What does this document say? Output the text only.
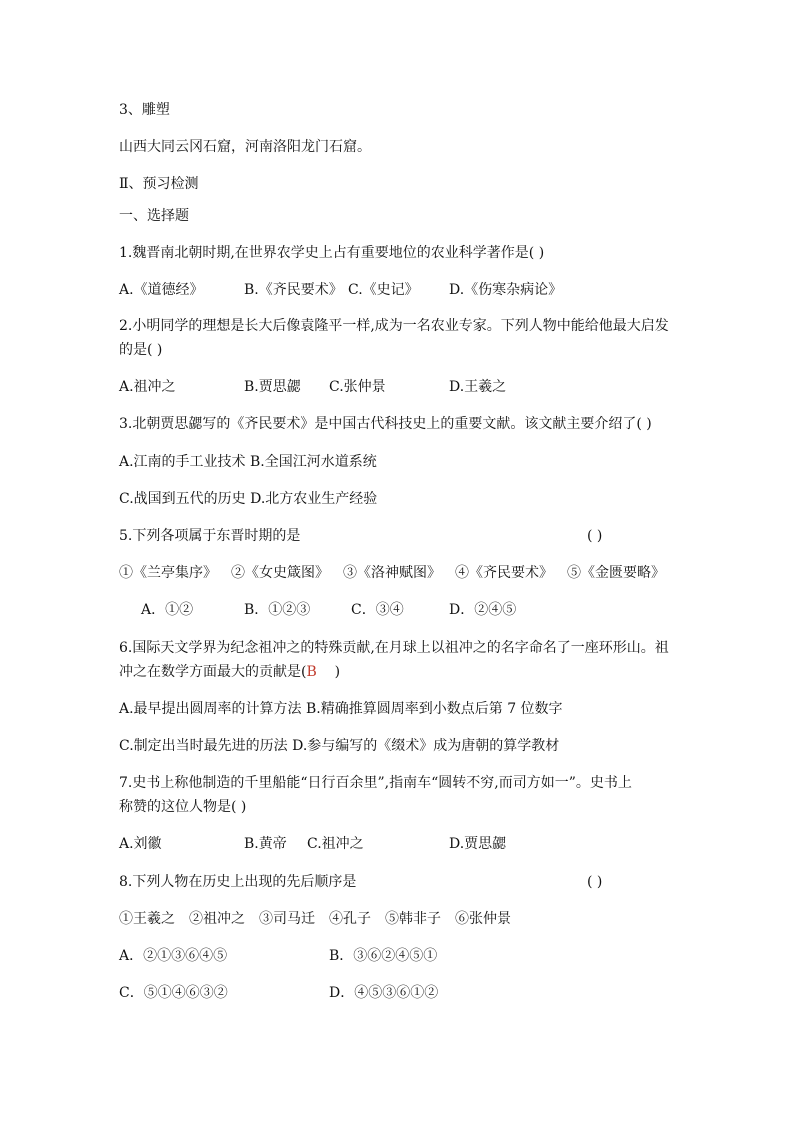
3、雕塑
山西大同云冈石窟，河南洛阳龙门石窟。
Ⅱ、预习检测
一、选择题
1.魏晋南北朝时期,在世界农学史上占有重要地位的农业科学著作是( )
A.《道德经》	B.《齐民要术》 C.《史记》 D.《伤寒杂病论》
2.小明同学的理想是长大后像袁隆平一样,成为一名农业专家。下列人物中能给他最大启发
的是( )
A.祖冲之	B.贾思勰 C.张仲景	D.王羲之
3.北朝贾思勰写的《齐民要术》是中国古代科技史上的重要文献。该文献主要介绍了( )
A.江南的手工业技术 B.全国江河水道系统
C.战国到五代的历史 D.北方农业生产经验
5.下列各项属于东晋时期的是	( )
①《兰亭集序》 ②《女史箴图》 ③《洛神赋图》 ④《齐民要术》 ⑤《金匮要略》
A．①②	B．①②③	C．③④	D．②④⑤
6.国际天文学界为纪念祖冲之的特殊贡献,在月球上以祖冲之的名字命名了一座环形山。祖
冲之在数学方面最大的贡献是(B    )
A.最早提出圆周率的计算方法 B.精确推算圆周率到小数点后第 7 位数字
C.制定出当时最先进的历法 D.参与编写的《缀术》成为唐朝的算学教材
7.史书上称他制造的千里船能“日行百余里”,指南车“圆转不穷,而司方如一”。史书上
称赞的这位人物是( )
A.刘徽	B.黄帝 C.祖冲之	D.贾思勰
8.下列人物在历史上出现的先后顺序是	( )
①王羲之 ②祖冲之 ③司马迁 ④孔子 ⑤韩非子 ⑥张仲景
A．②①③⑥④⑤	B．③⑥②④⑤①
C．⑤①④⑥③②	D．④⑤③⑥①②
